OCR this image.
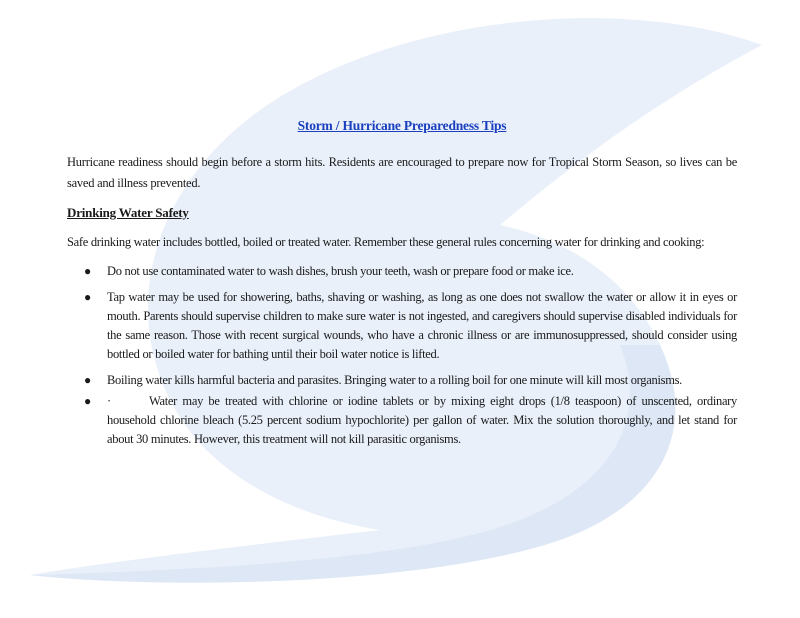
Storm / Hurricane Preparedness Tips

Hurricane readiness should begin before a storm hits. Residents are encouraged to prepare now for Tropical Storm Season, so lives can be saved and illness prevented.

Drinking Water Safety

Safe drinking water includes bottled, boiled or treated water. Remember these general rules concerning water for drinking and cooking:

● Do not use contaminated water to wash dishes, brush your teeth, wash or prepare food or make ice.
● Tap water may be used for showering, baths, shaving or washing, as long as one does not swallow the water or allow it in eyes or mouth. Parents should supervise children to make sure water is not ingested, and caregivers should supervise disabled individuals for the same reason. Those with recent surgical wounds, who have a chronic illness or are immunosuppressed, should consider using bottled or boiled water for bathing until their boil water notice is lifted.
● Boiling water kills harmful bacteria and parasites. Bringing water to a rolling boil for one minute will kill most organisms.
● ·	Water may be treated with chlorine or iodine tablets or by mixing eight drops (1/8 teaspoon) of unscented, ordinary household chlorine bleach (5.25 percent sodium hypochlorite) per gallon of water. Mix the solution thoroughly, and let stand for about 30 minutes. However, this treatment will not kill parasitic organisms.
